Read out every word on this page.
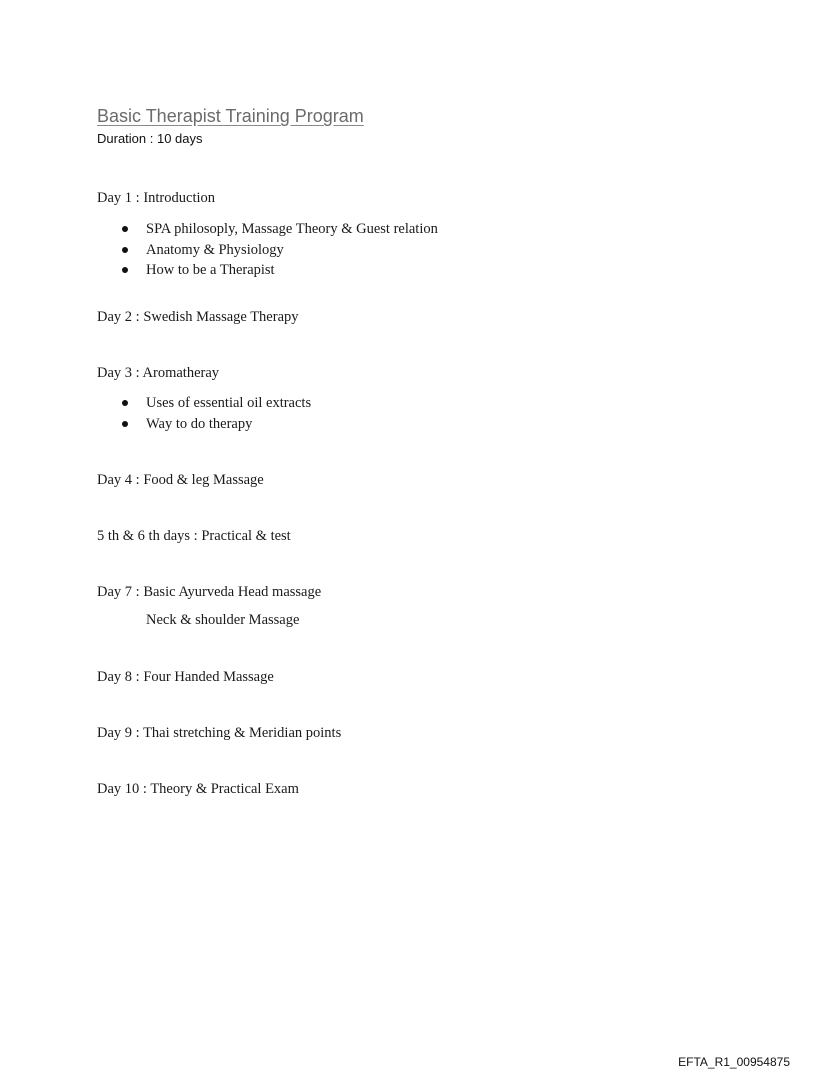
Basic Therapist Training Program

Duration : 10 days

Day 1 : Introduction

SPA philosoply, Massage Theory & Guest relation
Anatomy & Physiology
How to be a Therapist

Day 2 : Swedish Massage Therapy

Day 3 : Aromatheray

Uses of essential oil extracts
Way to do therapy

Day 4 : Food & leg Massage

5 th & 6 th days : Practical & test

Day 7 : Basic Ayurveda Head massage

Neck & shoulder Massage

Day 8 : Four Handed Massage

Day 9 : Thai stretching & Meridian points

Day 10 : Theory & Practical Exam

EFTA_R1_00954875
